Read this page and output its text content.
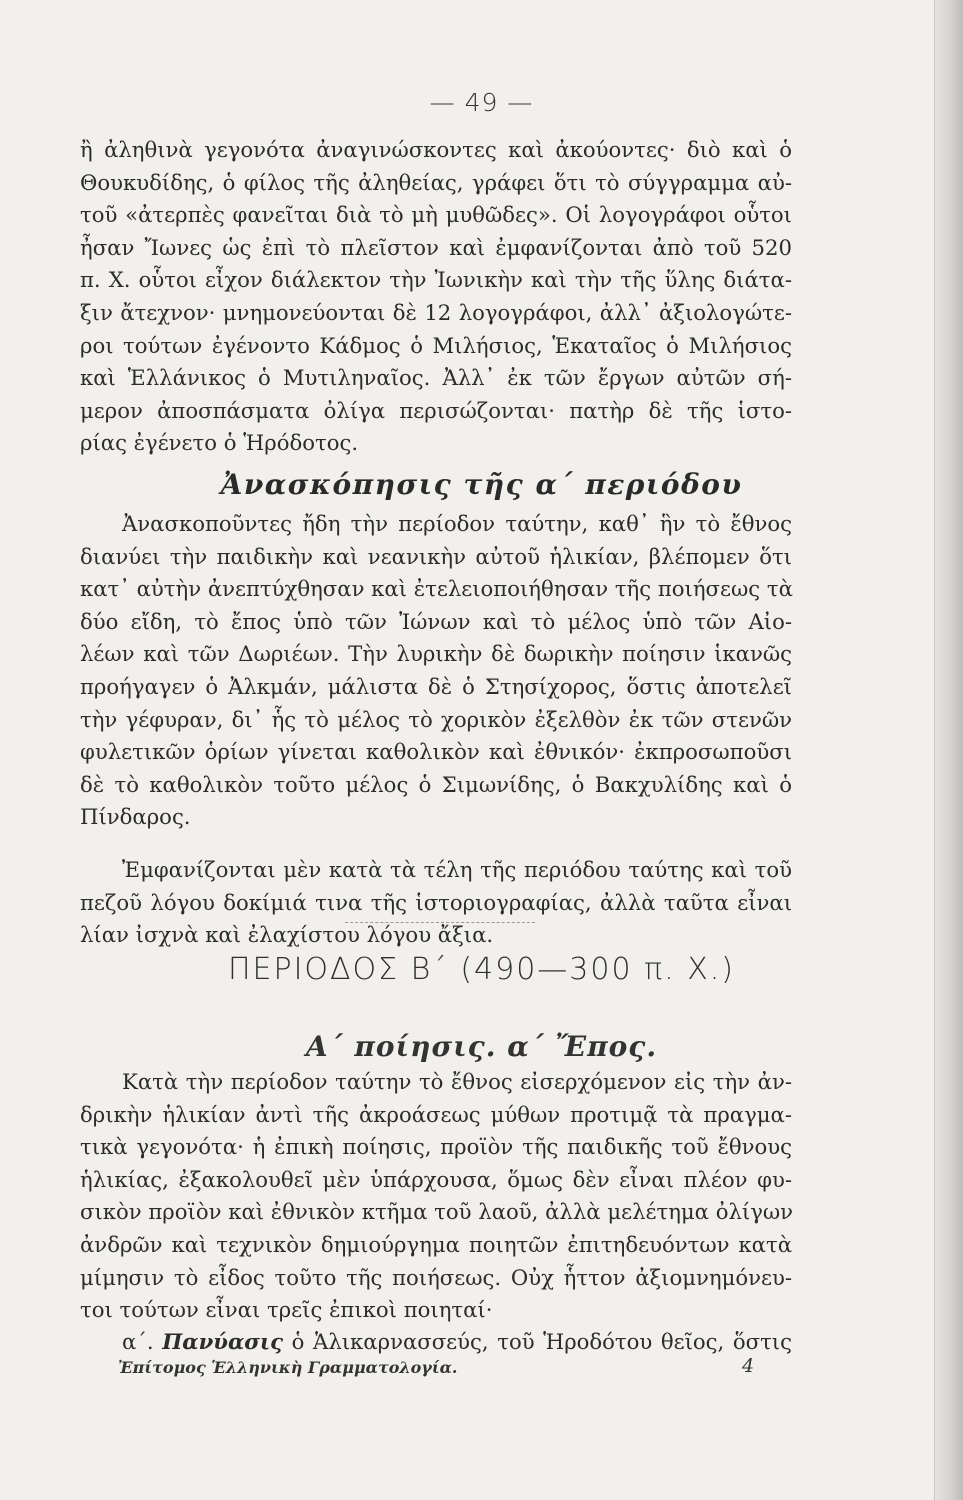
— 49 —
ἢ ἀληθινὰ γεγονότα ἀναγινώσκοντες καὶ ἀκούοντες· διὸ καὶ ὁ
Θουκυδίδης, ὁ φίλος τῆς ἀληθείας, γράφει ὅτι τὸ σύγγραμμα αὐ-
τοῦ «ἀτερπὲς φανεῖται διὰ τὸ μὴ μυθῶδες». Οἱ λογογράφοι οὗτοι
ἦσαν Ἴωνες ὡς ἐπὶ τὸ πλεῖστον καὶ ἐμφανίζονται ἀπὸ τοῦ 520
π. Χ. οὗτοι εἶχον διάλεκτον τὴν Ἰωνικὴν καὶ τὴν τῆς ὕλης διάτα-
ξιν ἄτεχνον· μνημονεύονται δὲ 12 λογογράφοι, ἀλλ᾽ ἀξιολογώτε-
ροι τούτων ἐγένοντο Κάδμος ὁ Μιλήσιος, Ἑκαταῖος ὁ Μιλήσιος
καὶ Ἑλλάνικος ὁ Μυτιληναῖος. Ἀλλ᾽ ἐκ τῶν ἔργων αὐτῶν σή-
μερον ἀποσπάσματα ὀλίγα περισώζονται· πατὴρ δὲ τῆς ἱστο-
ρίας ἐγένετο ὁ Ἡρόδοτος.
Ἀνασκόπησις τῆς α΄ περιόδου
Ἀνασκοποῦντες ἤδη τὴν περίοδον ταύτην, καθ᾽ ἣν τὸ ἔθνος
διανύει τὴν παιδικὴν καὶ νεανικὴν αὐτοῦ ἡλικίαν, βλέπομεν ὅτι
κατ᾽ αὐτὴν ἀνεπτύχθησαν καὶ ἐτελειοποιήθησαν τῆς ποιήσεως τὰ
δύο εἴδη, τὸ ἔπος ὑπὸ τῶν Ἰώνων καὶ τὸ μέλος ὑπὸ τῶν Αἰο-
λέων καὶ τῶν Δωριέων. Τὴν λυρικὴν δὲ δωρικὴν ποίησιν ἱκανῶς
προήγαγεν ὁ Ἀλκμάν, μάλιστα δὲ ὁ Στησίχορος, ὅστις ἀποτελεῖ
τὴν γέφυραν, δι᾽ ἧς τὸ μέλος τὸ χορικὸν ἐξελθὸν ἐκ τῶν στενῶν
φυλετικῶν ὁρίων γίνεται καθολικὸν καὶ ἐθνικόν· ἐκπροσωποῦσι
δὲ τὸ καθολικὸν τοῦτο μέλος ὁ Σιμωνίδης, ὁ Βακχυλίδης καὶ ὁ
Πίνδαρος.
Ἐμφανίζονται μὲν κατὰ τὰ τέλη τῆς περιόδου ταύτης καὶ τοῦ
πεζοῦ λόγου δοκίμιά τινα τῆς ἱστοριογραφίας, ἀλλὰ ταῦτα εἶναι
λίαν ἰσχνὰ καὶ ἐλαχίστου λόγου ἄξια.
ΠΕΡΙΟΔΟΣ Β΄ (490—300 π. Χ.)
Α΄ ποίησις. α΄ Ἔπος.
Κατὰ τὴν περίοδον ταύτην τὸ ἔθνος εἰσερχόμενον εἰς τὴν ἀν-
δρικὴν ἡλικίαν ἀντὶ τῆς ἀκροάσεως μύθων προτιμᾷ τὰ πραγμα-
τικὰ γεγονότα· ἡ ἐπικὴ ποίησις, προϊὸν τῆς παιδικῆς τοῦ ἔθνους
ἡλικίας, ἐξακολουθεῖ μὲν ὑπάρχουσα, ὅμως δὲν εἶναι πλέον φυ-
σικὸν προϊὸν καὶ ἐθνικὸν κτῆμα τοῦ λαοῦ, ἀλλὰ μελέτημα ὀλίγων
ἀνδρῶν καὶ τεχνικὸν δημιούργημα ποιητῶν ἐπιτηδευόντων κατὰ
μίμησιν τὸ εἶδος τοῦτο τῆς ποιήσεως. Οὐχ ἧττον ἀξιομνημόνευ-
τοι τούτων εἶναι τρεῖς ἐπικοὶ ποιηταί·
α΄. Πανύασις ὁ Ἁλικαρνασσεύς, τοῦ Ἡροδότου θεῖος, ὅστις
Ἐπίτομος Ἑλληνικὴ Γραμματολογία.	4
